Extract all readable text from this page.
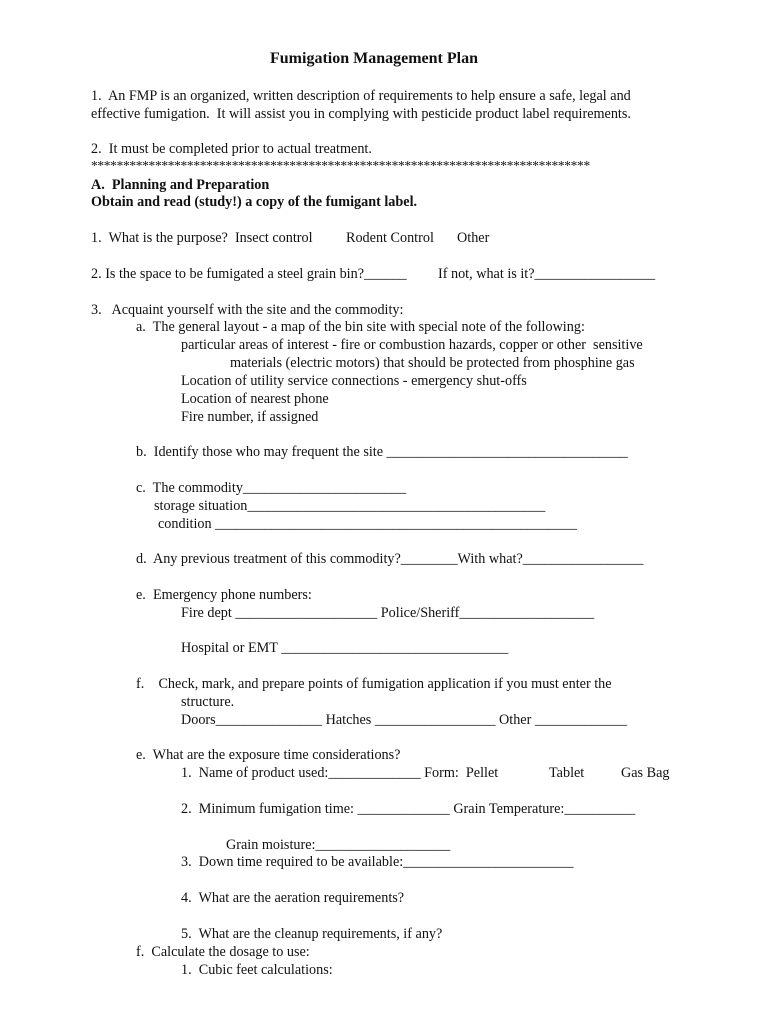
Fumigation Management Plan
1.  An FMP is an organized, written description of requirements to help ensure a safe, legal and
effective fumigation.  It will assist you in complying with pesticide product label requirements.
2.  It must be completed prior to actual treatment.
******************************************************************************
A.  Planning and Preparation
Obtain and read (study!) a copy of the fumigant label.
1.  What is the purpose?  Insect control Rodent Control Other
2. Is the space to be fumigated a steel grain bin?______ If not, what is it?_________________
3.   Acquaint yourself with the site and the commodity:
a.  The general layout - a map of the bin site with special note of the following:
particular areas of interest - fire or combustion hazards, copper or other  sensitive
materials (electric motors) that should be protected from phosphine gas
Location of utility service connections - emergency shut-offs
Location of nearest phone
Fire number, if assigned
b.  Identify those who may frequent the site __________________________________
c.  The commodity_______________________
storage situation__________________________________________
condition ___________________________________________________
d.  Any previous treatment of this commodity?________With what?_________________
e.  Emergency phone numbers:
Fire dept ____________________ Police/Sheriff___________________
Hospital or EMT ________________________________
f.    Check, mark, and prepare points of fumigation application if you must enter the
structure.
Doors_______________ Hatches _________________ Other _____________
e.  What are the exposure time considerations?
1.  Name of product used:_____________ Form:  Pellet	Tablet	Gas Bag
2.  Minimum fumigation time: _____________ Grain Temperature:__________
Grain moisture:___________________
3.  Down time required to be available:________________________
4.  What are the aeration requirements?
5.  What are the cleanup requirements, if any?
f.  Calculate the dosage to use:
1.  Cubic feet calculations:
